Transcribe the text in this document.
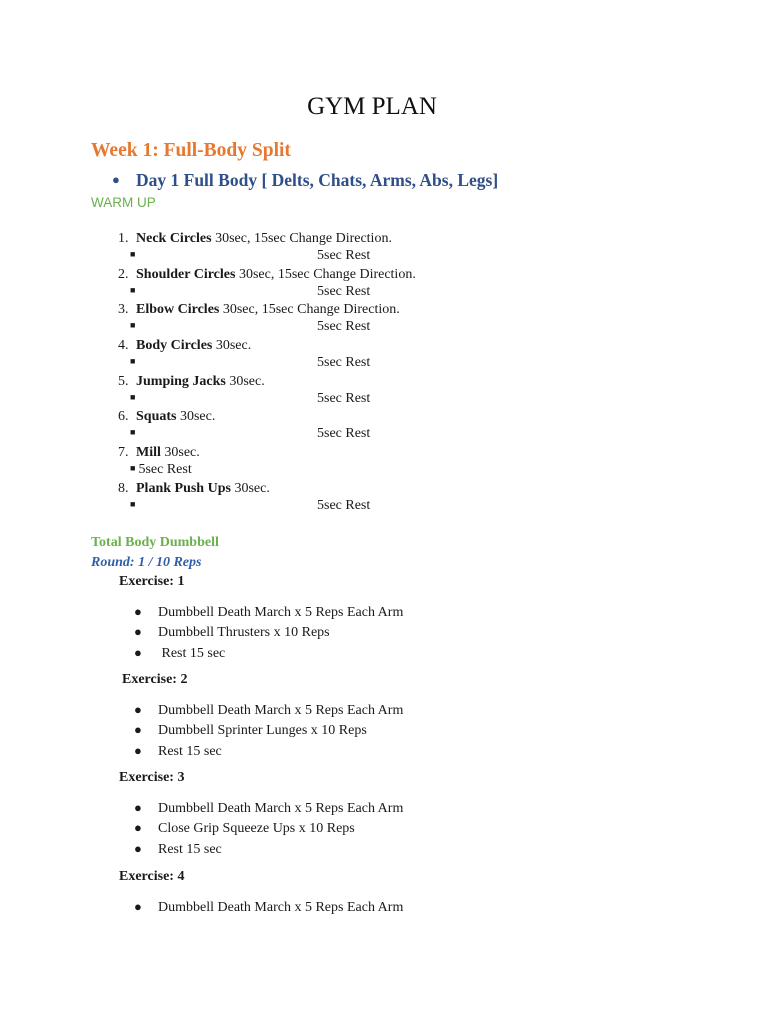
GYM PLAN
Week 1: Full-Body Split
● Day 1 Full Body [ Delts, Chats, Arms, Abs, Legs]
WARM UP
1. Neck Circles 30sec, 15sec Change Direction.
■	5sec Rest
2. Shoulder Circles 30sec, 15sec Change Direction.
■	5sec Rest
3. Elbow Circles 30sec, 15sec Change Direction.
■	5sec Rest
4. Body Circles 30sec.
■	5sec Rest
5. Jumping Jacks 30sec.
■	5sec Rest
6. Squats 30sec.
■	5sec Rest
7. Mill 30sec.
■ 5sec Rest
8. Plank Push Ups 30sec.
■	5sec Rest
Total Body Dumbbell
Round: 1 / 10 Reps
Exercise: 1
● Dumbbell Death March x 5 Reps Each Arm
● Dumbbell Thrusters x 10 Reps
● Rest 15 sec
Exercise: 2
● Dumbbell Death March x 5 Reps Each Arm
● Dumbbell Sprinter Lunges x 10 Reps
● Rest 15 sec
Exercise: 3
● Dumbbell Death March x 5 Reps Each Arm
● Close Grip Squeeze Ups x 10 Reps
● Rest 15 sec
Exercise: 4
● Dumbbell Death March x 5 Reps Each Arm
